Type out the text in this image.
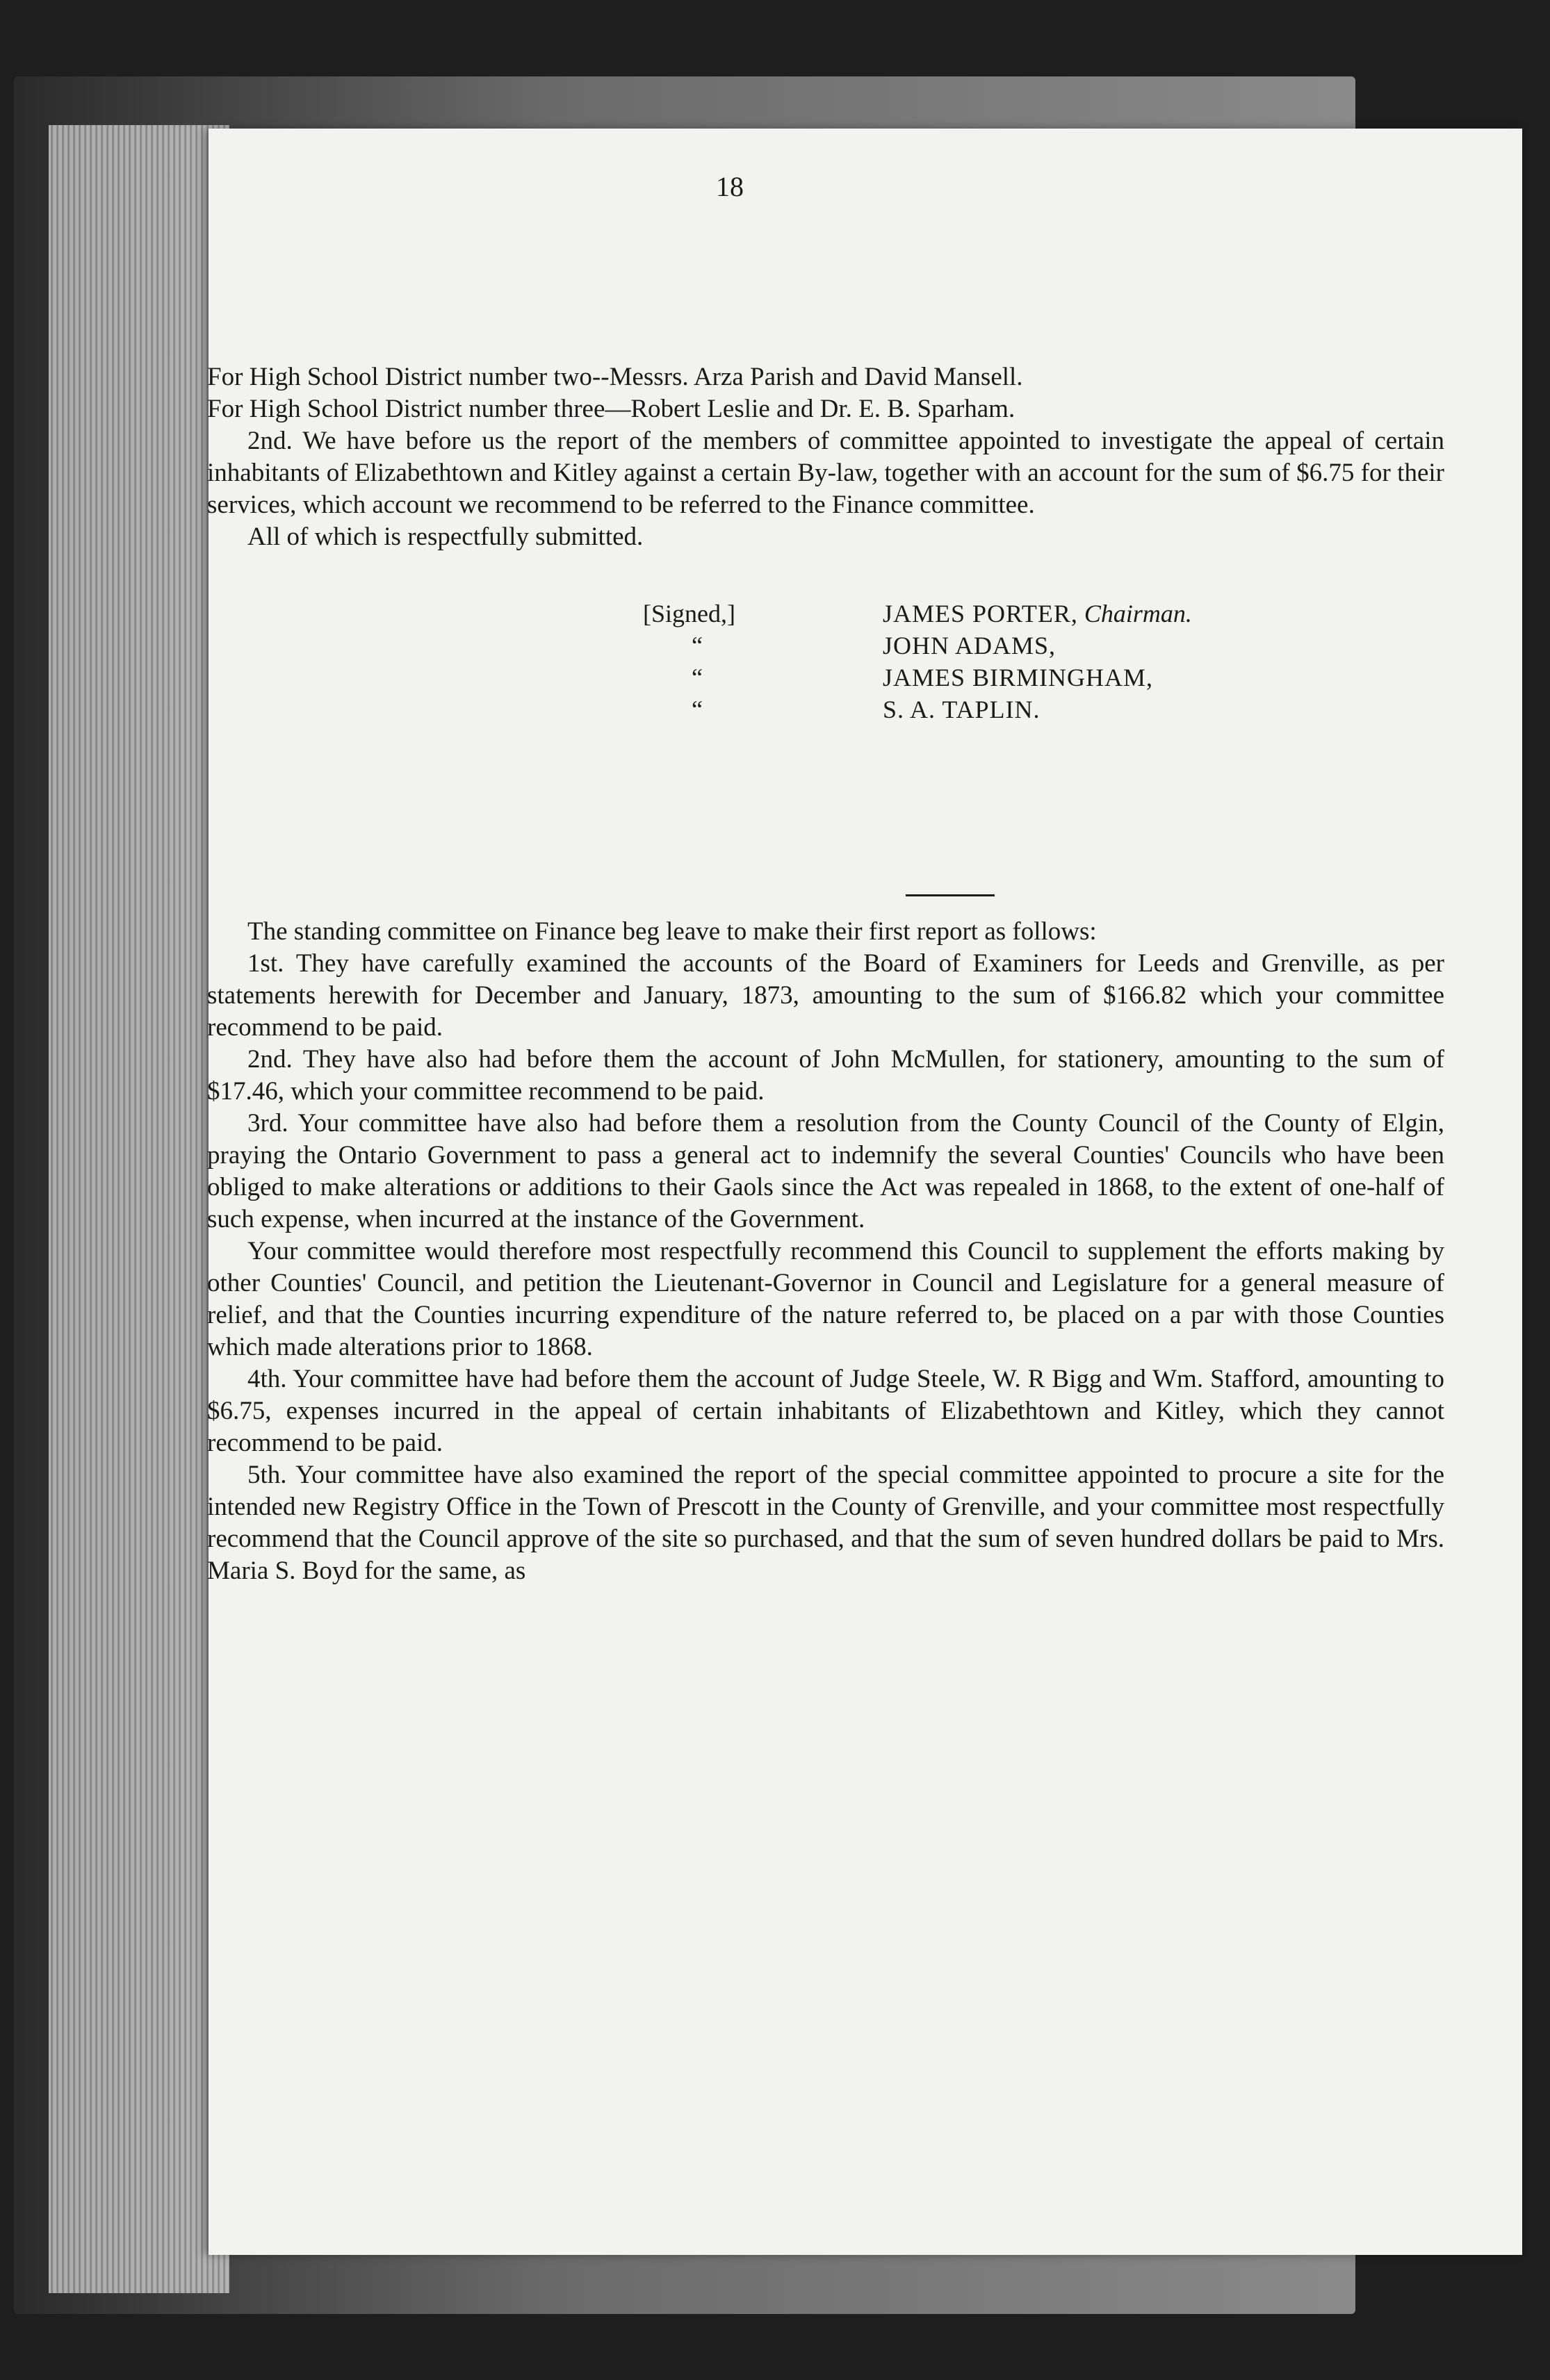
18

For High School District number two--Messrs. Arza Parish and David Mansell.

For High School District number three—Robert Leslie and Dr. E. B. Sparham.

2nd. We have before us the report of the members of committee appointed to investigate the appeal of certain inhabitants of Elizabethtown and Kitley against a certain By-law, together with an account for the sum of $6.75 for their services, which account we recommend to be referred to the Finance committee.

All of which is respectfully submitted.

[Signed,]	JAMES PORTER, Chairman.
“	JOHN ADAMS,
“	JAMES BIRMINGHAM,
“	S. A. TAPLIN.

The standing committee on Finance beg leave to make their first report as follows:

1st. They have carefully examined the accounts of the Board of Examiners for Leeds and Grenville, as per statements herewith for December and January, 1873, amounting to the sum of $166.82 which your committee recommend to be paid.

2nd. They have also had before them the account of John McMullen, for stationery, amounting to the sum of $17.46, which your committee recommend to be paid.

3rd. Your committee have also had before them a resolution from the County Council of the County of Elgin, praying the Ontario Government to pass a general act to indemnify the several Counties' Councils who have been obliged to make alterations or additions to their Gaols since the Act was repealed in 1868, to the extent of one-half of such expense, when incurred at the instance of the Government.

Your committee would therefore most respectfully recommend this Council to supplement the efforts making by other Counties' Council, and petition the Lieutenant-Governor in Council and Legislature for a general measure of relief, and that the Counties incurring expenditure of the nature referred to, be placed on a par with those Counties which made alterations prior to 1868.

4th. Your committee have had before them the account of Judge Steele, W. R Bigg and Wm. Stafford, amounting to $6.75, expenses incurred in the appeal of certain inhabitants of Elizabethtown and Kitley, which they cannot recommend to be paid.

5th. Your committee have also examined the report of the special committee appointed to procure a site for the intended new Registry Office in the Town of Prescott in the County of Grenville, and your committee most respectfully recommend that the Council approve of the site so purchased, and that the sum of seven hundred dollars be paid to Mrs. Maria S. Boyd for the same, as
